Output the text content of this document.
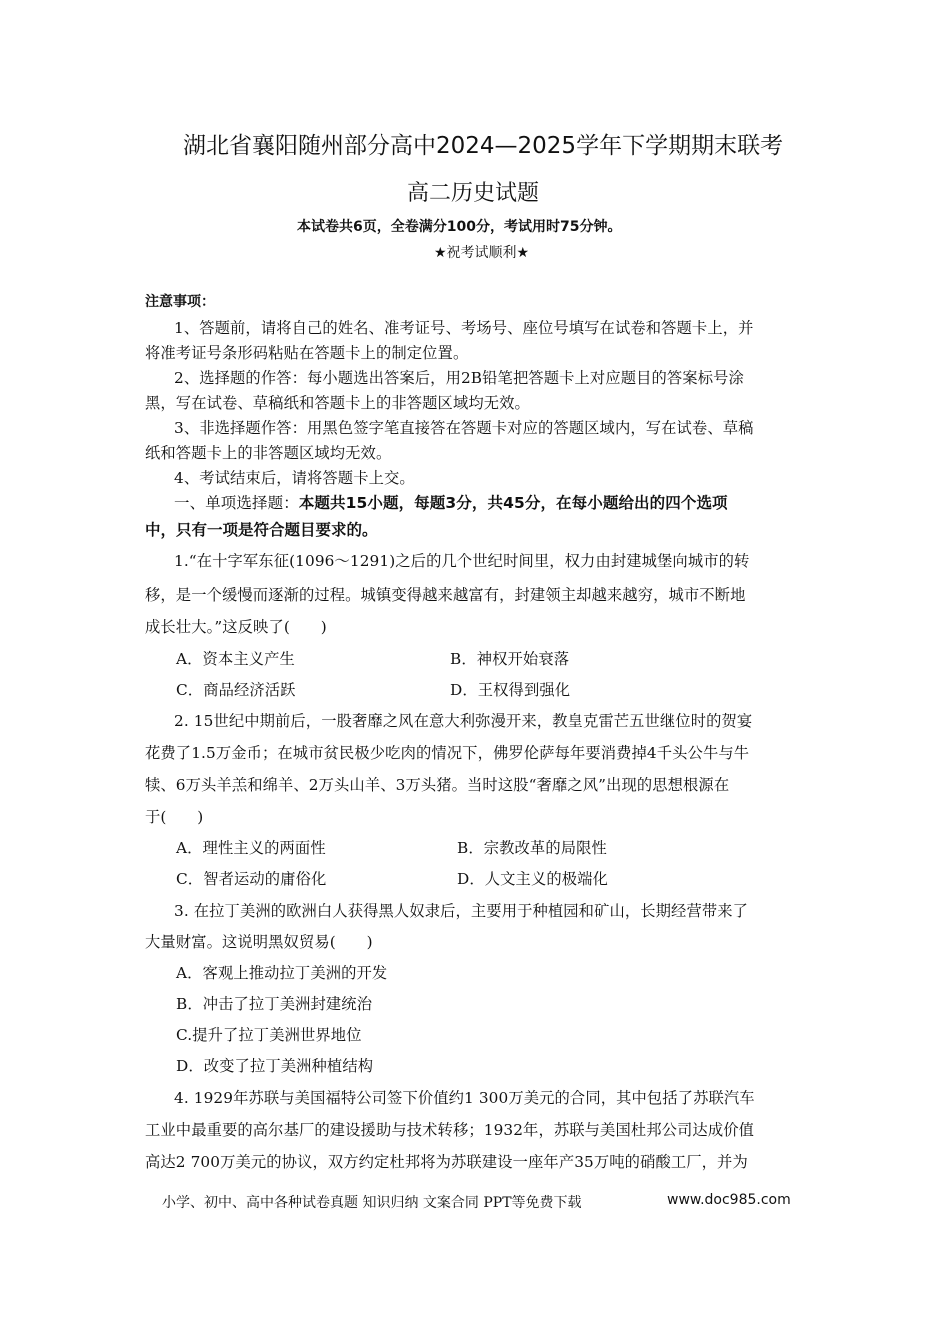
湖北省襄阳随州部分高中2024—2025学年下学期期末联考
高二历史试题
本试卷共6页，全卷满分100分，考试用时75分钟。
★祝考试顺利★
注意事项：
1、答题前，请将自己的姓名、准考证号、考场号、座位号填写在试卷和答题卡上，并
将准考证号条形码粘贴在答题卡上的制定位置。
2、选择题的作答：每小题选出答案后，用2B铅笔把答题卡上对应题目的答案标号涂
黑，写在试卷、草稿纸和答题卡上的非答题区域均无效。
3、非选择题作答：用黑色签字笔直接答在答题卡对应的答题区域内，写在试卷、草稿
纸和答题卡上的非答题区域均无效。
4、考试结束后，请将答题卡上交。
一、单项选择题：本题共15小题，每题3分，共45分，在每小题给出的四个选项
中，只有一项是符合题目要求的。
1.“在十字军东征(1096～1291)之后的几个世纪时间里，权力由封建城堡向城市的转
移，是一个缓慢而逐渐的过程。城镇变得越来越富有，封建领主却越来越穷，城市不断地
成长壮大。”这反映了(　　)
A．资本主义产生	B．神权开始衰落
C．商品经济活跃	D．王权得到强化
2. 15世纪中期前后，一股奢靡之风在意大利弥漫开来，教皇克雷芒五世继位时的贺宴
花费了1.5万金币；在城市贫民极少吃肉的情况下，佛罗伦萨每年要消费掉4千头公牛与牛
犊、6万头羊羔和绵羊、2万头山羊、3万头猪。当时这股“奢靡之风”出现的思想根源在
于(　　)
A．理性主义的两面性	B．宗教改革的局限性
C．智者运动的庸俗化	D．人文主义的极端化
3. 在拉丁美洲的欧洲白人获得黑人奴隶后，主要用于种植园和矿山，长期经营带来了
大量财富。这说明黑奴贸易(　　)
A．客观上推动拉丁美洲的开发
B．冲击了拉丁美洲封建统治
C.提升了拉丁美洲世界地位
D．改变了拉丁美洲种植结构
4. 1929年苏联与美国福特公司签下价值约1 300万美元的合同，其中包括了苏联汽车
工业中最重要的高尔基厂的建设援助与技术转移；1932年，苏联与美国杜邦公司达成价值
高达2 700万美元的协议，双方约定杜邦将为苏联建设一座年产35万吨的硝酸工厂，并为
小学、初中、高中各种试卷真题 知识归纳 文案合同 PPT等免费下载	www.doc985.com
